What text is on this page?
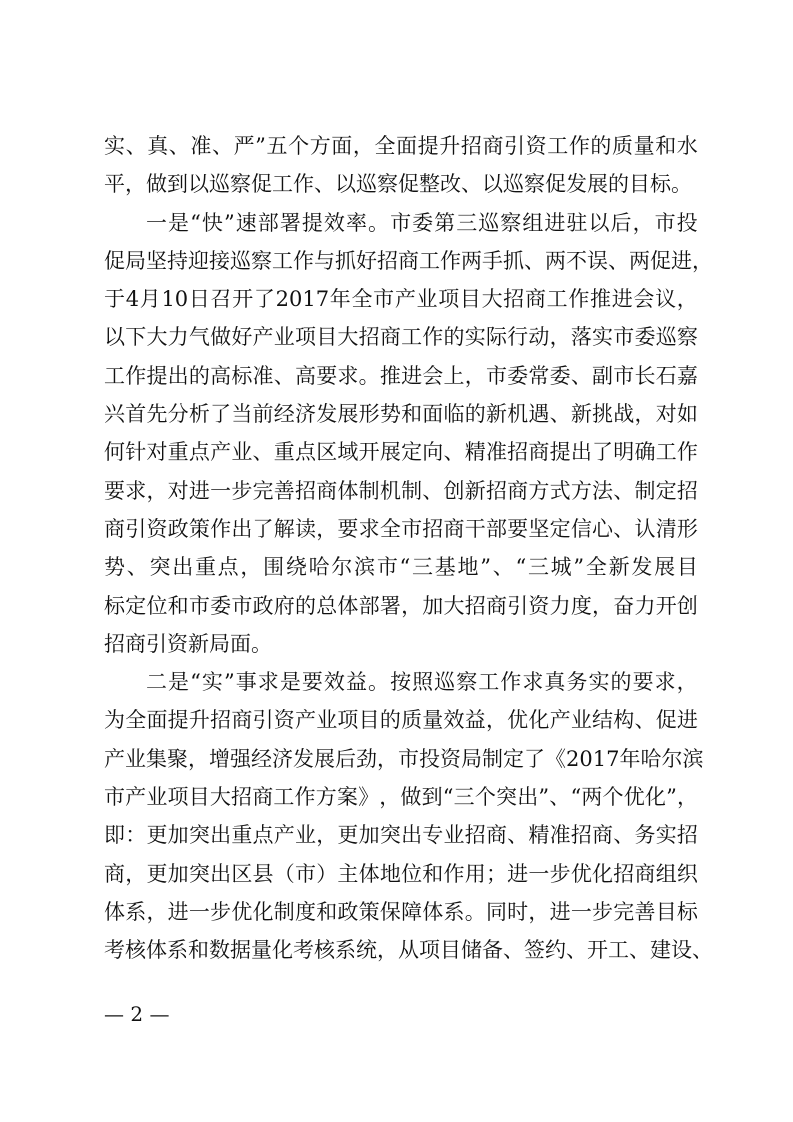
实 、 真 、 准 、 严 ” 五 个 方 面 ， 全 面 提 升 招 商 引 资 工 作 的 质 量 和 水
平 ， 做 到 以 巡 察 促 工 作 、 以 巡 察 促 整 改 、 以 巡 察 促 发 展 的 目 标 。
一 是 “ 快 ” 速 部 署 提 效 率 。 市 委 第 三 巡 察 组 进 驻 以 后 ， 市 投
促 局 坚 持 迎 接 巡 察 工 作 与 抓 好 招 商 工 作 两 手 抓 、 两 不 误 、 两 促 进 ，
于 4 月 10 日 召 开 了 2017 年 全 市 产 业 项 目 大 招 商 工 作 推 进 会 议 ，
以 下 大 力 气 做 好 产 业 项 目 大 招 商 工 作 的 实 际 行 动 ， 落 实 市 委 巡 察
工 作 提 出 的 高 标 准 、 高 要 求 。 推 进 会 上 ， 市 委 常 委 、 副 市 长 石 嘉
兴 首 先 分 析 了 当 前 经 济 发 展 形 势 和 面 临 的 新 机 遇 、 新 挑 战 ， 对 如
何 针 对 重 点 产 业 、 重 点 区 域 开 展 定 向 、 精 准 招 商 提 出 了 明 确 工 作
要 求 ， 对 进 一 步 完 善 招 商 体 制 机 制 、 创 新 招 商 方 式 方 法 、 制 定 招
商 引 资 政 策 作 出 了 解 读 ， 要 求 全 市 招 商 干 部 要 坚 定 信 心 、 认 清 形
势 、 突 出 重 点 ， 围 绕 哈 尔 滨 市 “ 三 基 地 ” 、 “ 三 城 ” 全 新 发 展 目
标 定 位 和 市 委 市 政 府 的 总 体 部 署 ， 加 大 招 商 引 资 力 度 ， 奋 力 开 创
招 商 引 资 新 局 面 。
二 是 “ 实 ” 事 求 是 要 效 益 。 按 照 巡 察 工 作 求 真 务 实 的 要 求 ，
为 全 面 提 升 招 商 引 资 产 业 项 目 的 质 量 效 益 ， 优 化 产 业 结 构 、 促 进
产 业 集 聚 ， 增 强 经 济 发 展 后 劲 ， 市 投 资 局 制 定 了 《 2017 年 哈 尔 滨
市 产 业 项 目 大 招 商 工 作 方 案 》 ， 做 到 “ 三 个 突 出 ” 、 “ 两 个 优 化 ” ，
即 ： 更 加 突 出 重 点 产 业 ， 更 加 突 出 专 业 招 商 、 精 准 招 商 、 务 实 招
商 ， 更 加 突 出 区 县 （ 市 ） 主 体 地 位 和 作 用 ； 进 一 步 优 化 招 商 组 织
体 系 ， 进 一 步 优 化 制 度 和 政 策 保 障 体 系 。 同 时 ， 进 一 步 完 善 目 标
考 核 体 系 和 数 据 量 化 考 核 系 统 ， 从 项 目 储 备 、 签 约 、 开 工 、 建 设 、
— 2 —
